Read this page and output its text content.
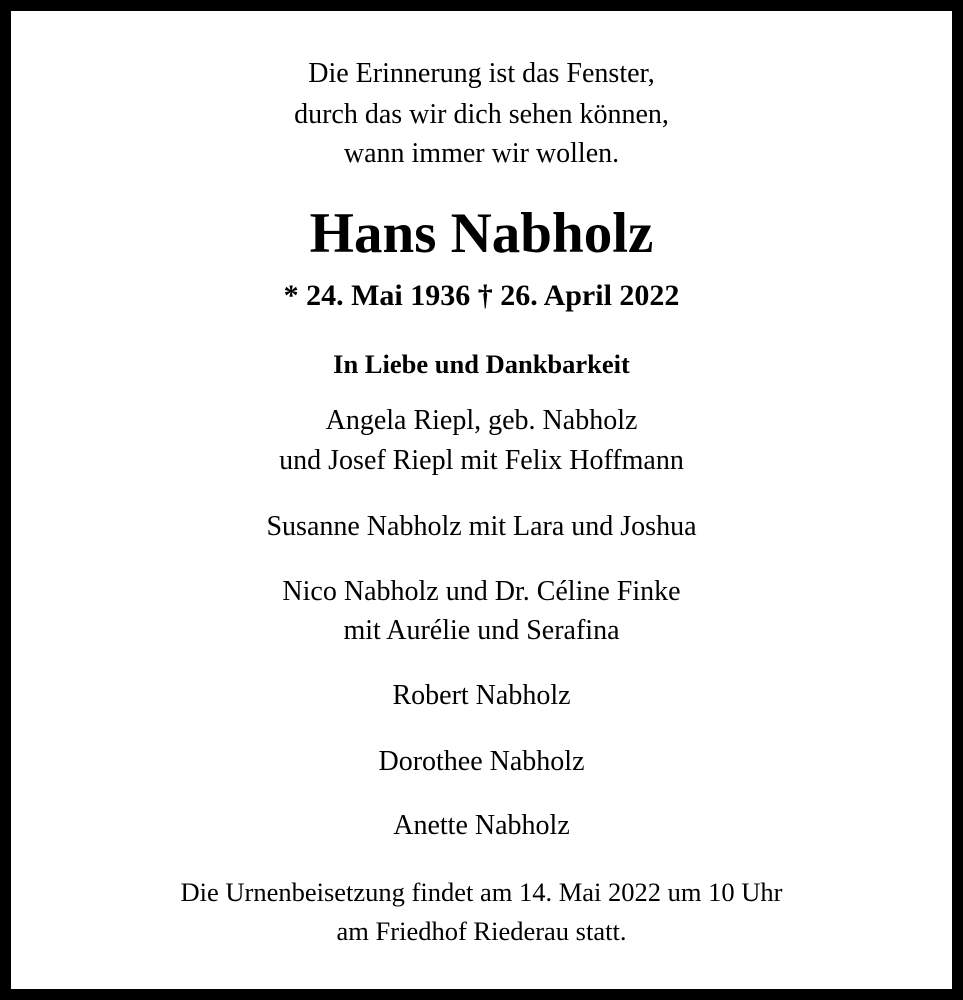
Die Erinnerung ist das Fenster,
durch das wir dich sehen können,
wann immer wir wollen.
Hans Nabholz
* 24. Mai 1936 † 26. April 2022
In Liebe und Dankbarkeit
Angela Riepl, geb. Nabholz
und Josef Riepl mit Felix Hoffmann
Susanne Nabholz mit Lara und Joshua
Nico Nabholz und Dr. Céline Finke
mit Aurélie und Serafina
Robert Nabholz
Dorothee Nabholz
Anette Nabholz
Die Urnenbeisetzung findet am 14. Mai 2022 um 10 Uhr
am Friedhof Riederau statt.
